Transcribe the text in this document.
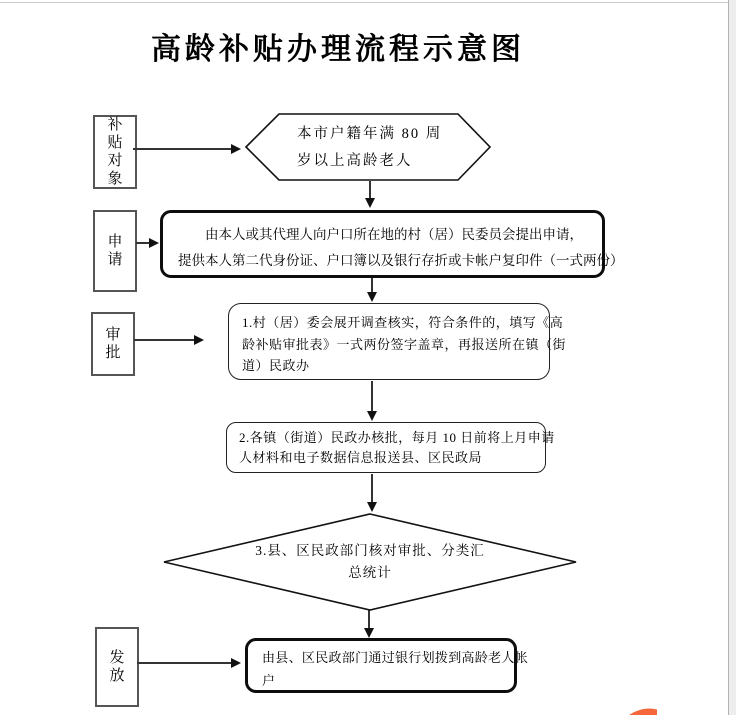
高龄补贴办理流程示意图
补贴对象
申请
审批
发放
本市户籍年满 80 周
岁以上高龄老人
由本人或其代理人向户口所在地的村（居）民委员会提出申请，
提供本人第二代身份证、户口簿以及银行存折或卡帐户复印件（一式两份）
1.村（居）委会展开调查核实，符合条件的，填写《高
龄补贴审批表》一式两份签字盖章，再报送所在镇（街
道）民政办
2.各镇（街道）民政办核批，每月 10 日前将上月申请
人材料和电子数据信息报送县、区民政局
3.县、区民政部门核对审批、分类汇
总统计
由县、区民政部门通过银行划拨到高龄老人帐
户
